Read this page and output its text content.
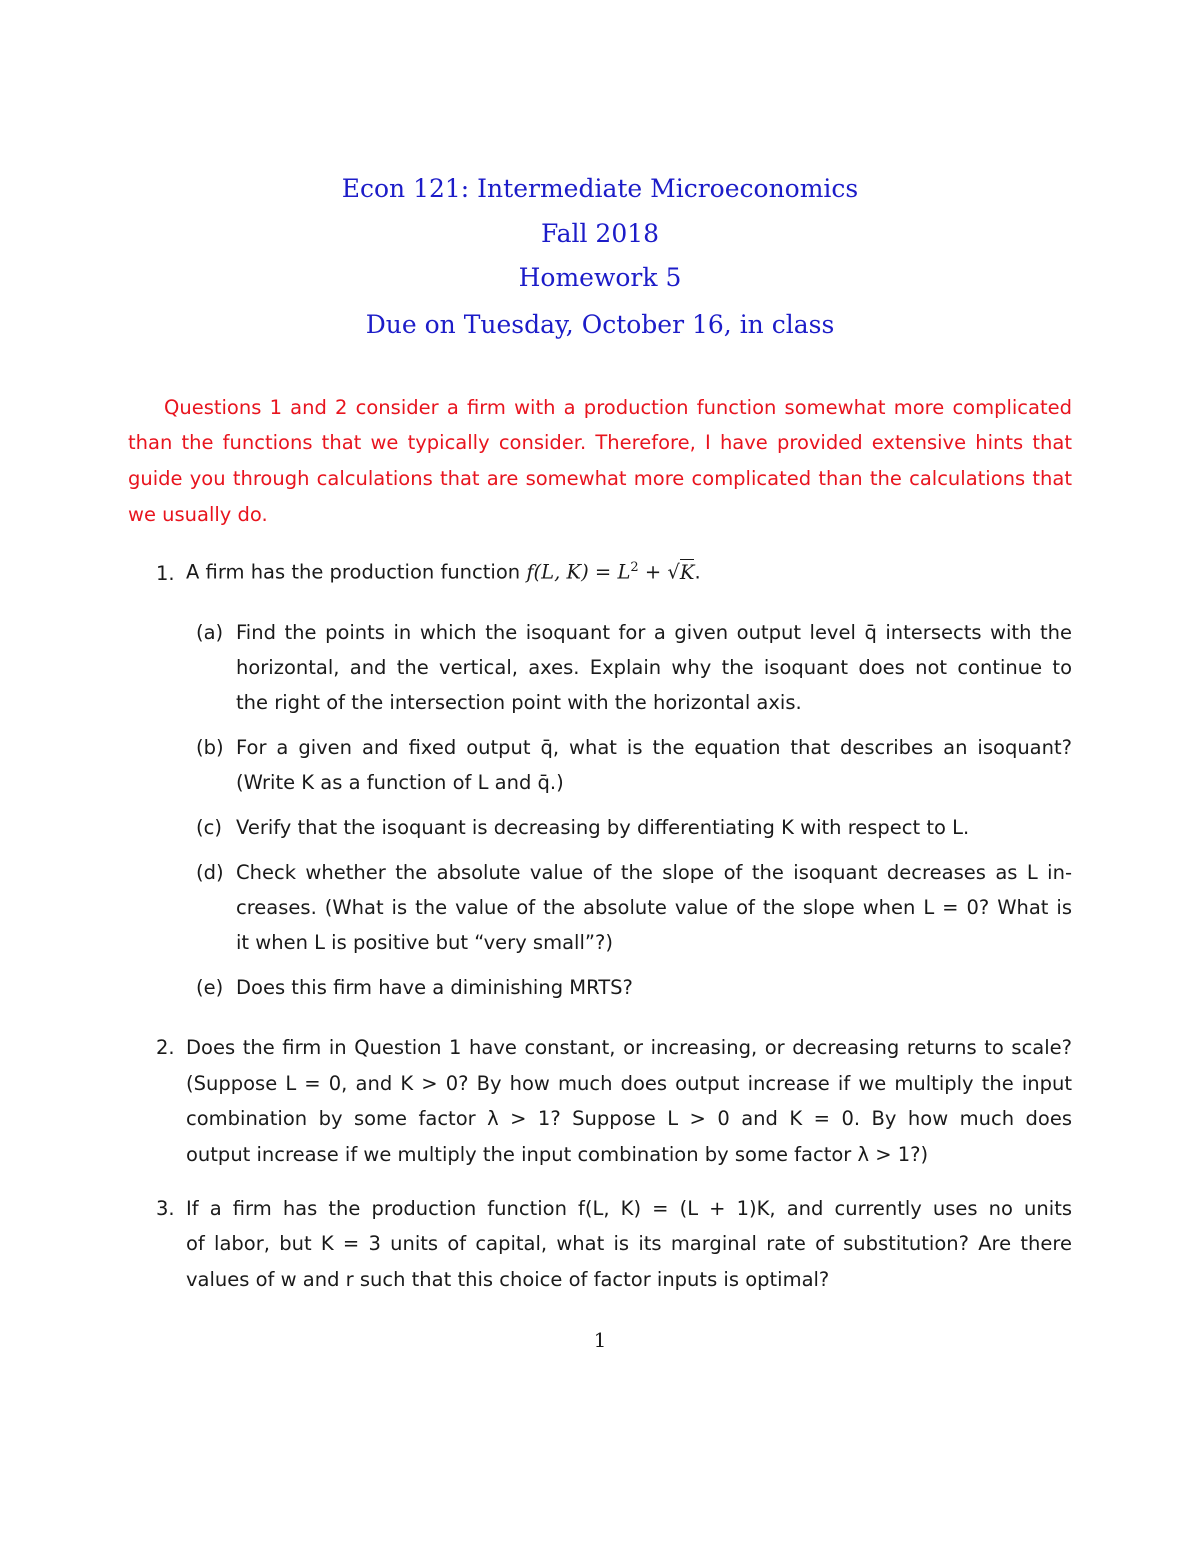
Econ 121: Intermediate Microeconomics
Fall 2018
Homework 5
Due on Tuesday, October 16, in class
Questions 1 and 2 consider a firm with a production function somewhat more complicated
than the functions that we typically consider. Therefore, I have provided extensive hints that
guide you through calculations that are somewhat more complicated than the calculations that
we usually do.
1. A firm has the production function f(L, $K) = L^2 + √K$.
(a) Find the points in which the isoquant for a given output level q̄ intersects with the
horizontal, and the vertical, axes. Explain why the isoquant does not continue to
the right of the intersection point with the horizontal axis.
(b) For a given and fixed output q̄, what is the equation that describes an isoquant?
(Write K as a function of L and q̄.)
(c) Verify that the isoquant is decreasing by differentiating K with respect to L.
(d) Check whether the absolute value of the slope of the isoquant decreases as L in-
creases. (What is the value of the absolute value of the slope when L = 0? What is
it when L is positive but “very small”?)
(e) Does this firm have a diminishing MRTS?
2. Does the firm in Question 1 have constant, or increasing, or decreasing returns to scale?
(Suppose L = 0, and K > 0? By how much does output increase if we multiply the input
combination by some factor λ > 1? Suppose L > 0 and K = 0. By how much does
output increase if we multiply the input combination by some factor λ > 1?)
3. If a firm has the production function f(L, K) = (L + 1)K, and currently uses no units
of labor, but K = 3 units of capital, what is its marginal rate of substitution? Are there
values of w and r such that this choice of factor inputs is optimal?
1
